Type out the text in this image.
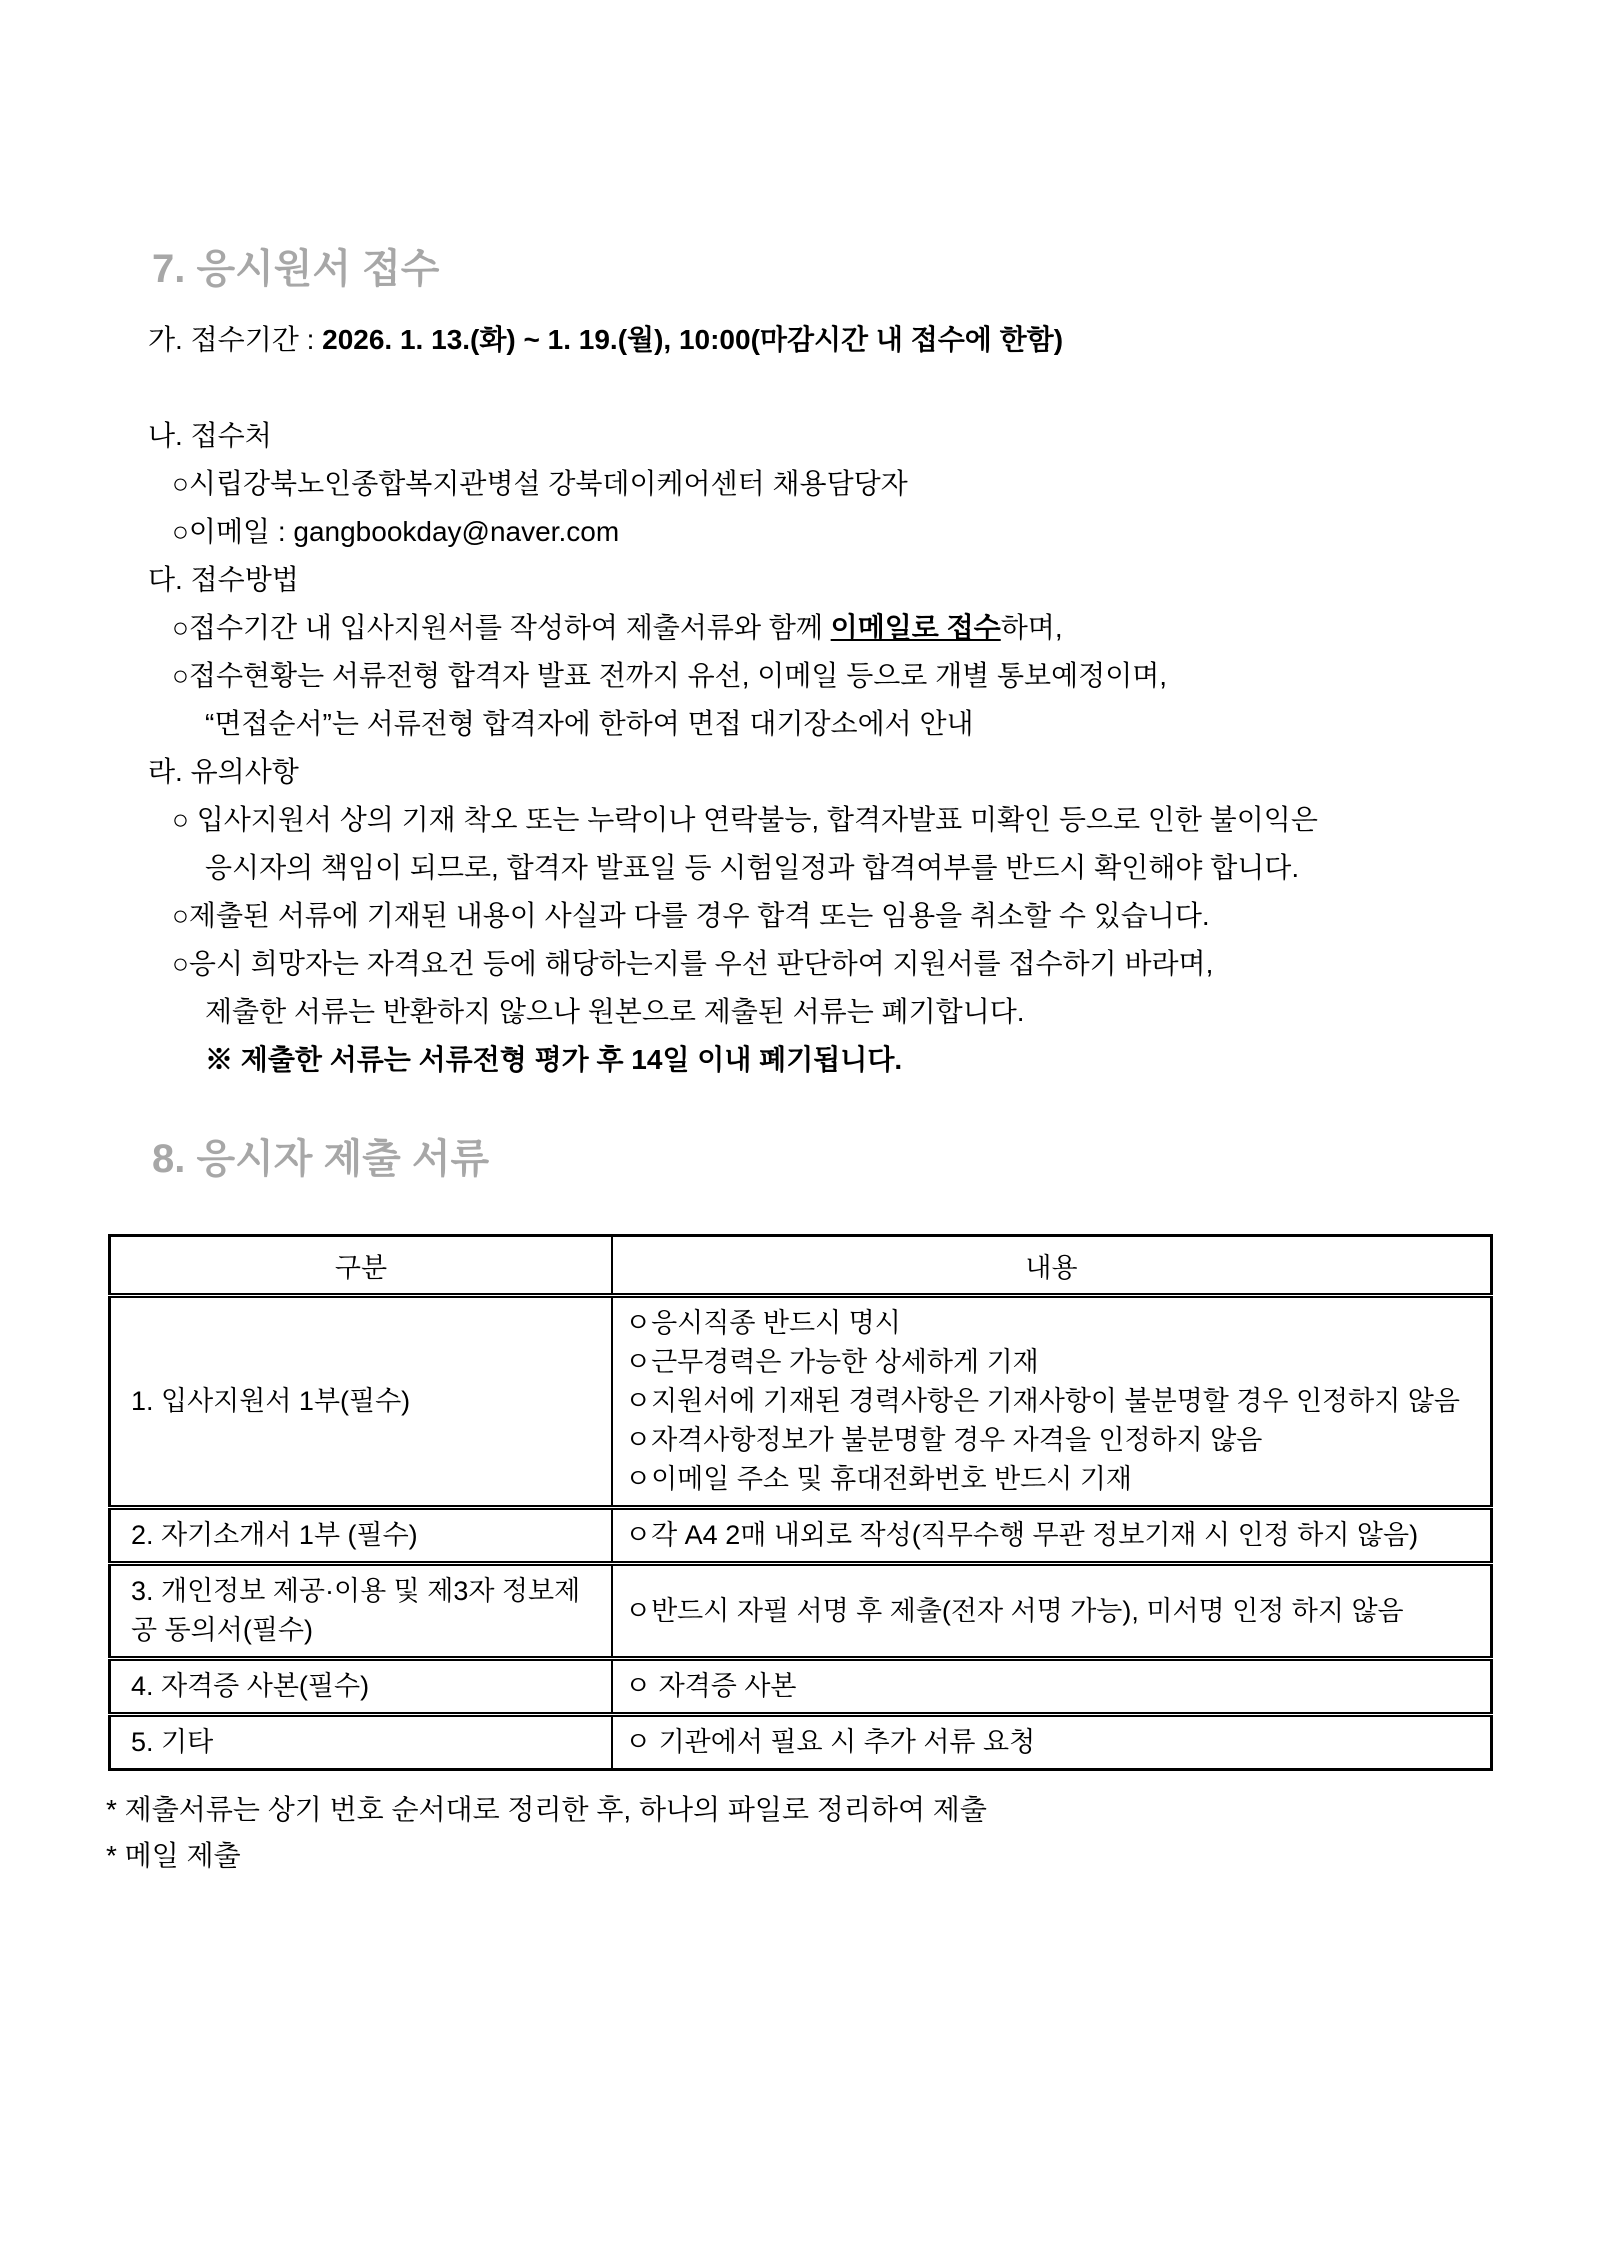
7. 응시원서 접수
가. 접수기간 : 2026. 1. 13.(화) ~ 1. 19.(월), 10:00(마감시간 내 접수에 한함)
나. 접수처
○시립강북노인종합복지관병설 강북데이케어센터 채용담당자
○이메일 : gangbookday@naver.com
다. 접수방법
○접수기간 내 입사지원서를 작성하여 제출서류와 함께 이메일로 접수하며,
○접수현황는 서류전형 합격자 발표 전까지 유선, 이메일 등으로 개별 통보예정이며,
“면접순서”는 서류전형 합격자에 한하여 면접 대기장소에서 안내
라. 유의사항
○ 입사지원서 상의 기재 착오 또는 누락이나 연락불능, 합격자발표 미확인 등으로 인한 불이익은
응시자의 책임이 되므로, 합격자 발표일 등 시험일정과 합격여부를 반드시 확인해야 합니다.
○제출된 서류에 기재된 내용이 사실과 다를 경우 합격 또는 임용을 취소할 수 있습니다.
○응시 희망자는 자격요건 등에 해당하는지를 우선 판단하여 지원서를 접수하기 바라며,
제출한 서류는 반환하지 않으나 원본으로 제출된 서류는 폐기합니다.
※ 제출한 서류는 서류전형 평가 후 14일 이내 폐기됩니다.
8. 응시자 제출 서류
구분	내용
1. 입사지원서 1부(필수)	ㅇ응시직종 반드시 명시
ㅇ근무경력은 가능한 상세하게 기재
ㅇ지원서에 기재된 경력사항은 기재사항이 불분명할 경우 인정하지 않음
ㅇ자격사항정보가 불분명할 경우 자격을 인정하지 않음
ㅇ이메일 주소 및 휴대전화번호 반드시 기재

2. 자기소개서 1부 (필수)	ㅇ각 A4 2매 내외로 작성(직무수행 무관 정보기재 시 인정 하지 않음)

3. 개인정보 제공·이용 및 제3자 정보제공 동의서(필수)	ㅇ반드시 자필 서명 후 제출(전자 서명 가능), 미서명 인정 하지 않음

4. 자격증 사본(필수)	ㅇ 자격증 사본

5. 기타	ㅇ 기관에서 필요 시 추가 서류 요청
* 제출서류는 상기 번호 순서대로 정리한 후, 하나의 파일로 정리하여 제출
* 메일 제출
